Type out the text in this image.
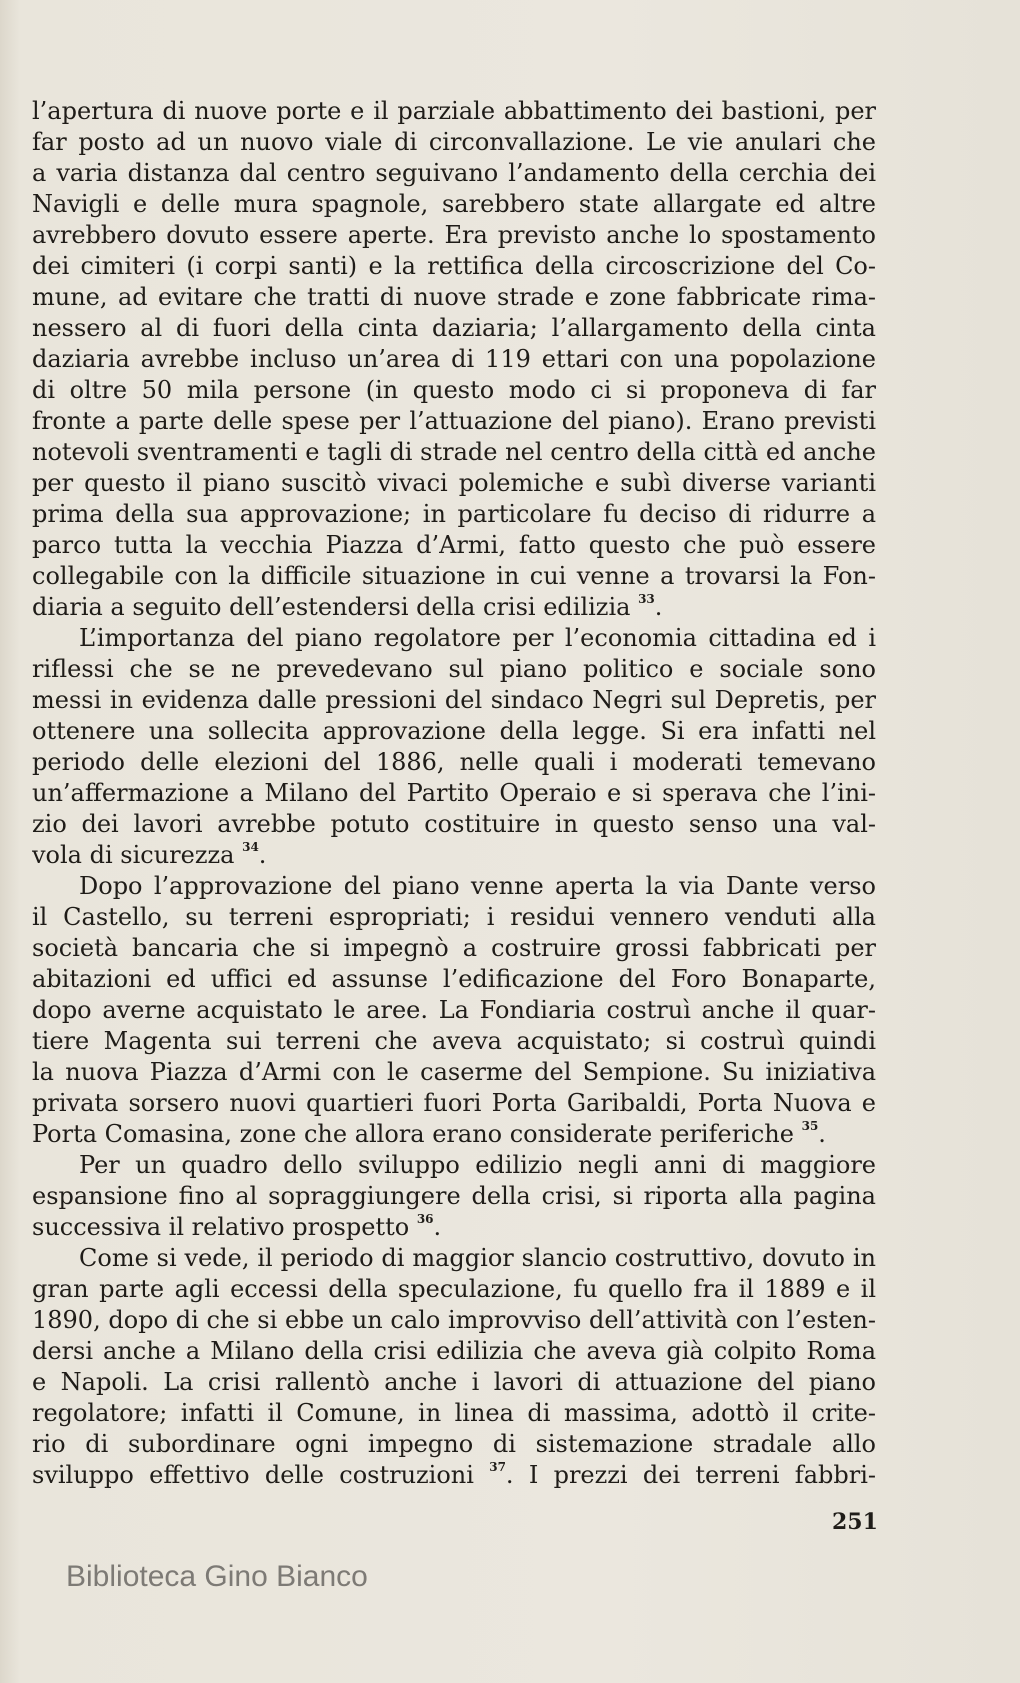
l’apertura di nuove porte e il parziale abbattimento dei bastioni, per
far posto ad un nuovo viale di circonvallazione. Le vie anulari che
a varia distanza dal centro seguivano l’andamento della cerchia dei
Navigli e delle mura spagnole, sarebbero state allargate ed altre
avrebbero dovuto essere aperte. Era previsto anche lo spostamento
dei cimiteri (i corpi santi) e la rettifica della circoscrizione del Co-
mune, ad evitare che tratti di nuove strade e zone fabbricate rima-
nessero al di fuori della cinta daziaria; l’allargamento della cinta
daziaria avrebbe incluso un’area di 119 ettari con una popolazione
di oltre 50 mila persone (in questo modo ci si proponeva di far
fronte a parte delle spese per l’attuazione del piano). Erano previsti
notevoli sventramenti e tagli di strade nel centro della città ed anche
per questo il piano suscitò vivaci polemiche e subì diverse varianti
prima della sua approvazione; in particolare fu deciso di ridurre a
parco tutta la vecchia Piazza d’Armi, fatto questo che può essere
collegabile con la difficile situazione in cui venne a trovarsi la Fon-
diaria a seguito dell’estendersi della crisi edilizia $^{33}$.
L’importanza del piano regolatore per l’economia cittadina ed i
riflessi che se ne prevedevano sul piano politico e sociale sono
messi in evidenza dalle pressioni del sindaco Negri sul Depretis, per
ottenere una sollecita approvazione della legge. Si era infatti nel
periodo delle elezioni del 1886, nelle quali i moderati temevano
un’affermazione a Milano del Partito Operaio e si sperava che l’ini-
zio dei lavori avrebbe potuto costituire in questo senso una val-
vola di sicurezza $^{34}$.
Dopo l’approvazione del piano venne aperta la via Dante verso
il Castello, su terreni espropriati; i residui vennero venduti alla
società bancaria che si impegnò a costruire grossi fabbricati per
abitazioni ed uffici ed assunse l’edificazione del Foro Bonaparte,
dopo averne acquistato le aree. La Fondiaria costruì anche il quar-
tiere Magenta sui terreni che aveva acquistato; si costruì quindi
la nuova Piazza d’Armi con le caserme del Sempione. Su iniziativa
privata sorsero nuovi quartieri fuori Porta Garibaldi, Porta Nuova e
Porta Comasina, zone che allora erano considerate periferiche $^{35}$.
Per un quadro dello sviluppo edilizio negli anni di maggiore
espansione fino al sopraggiungere della crisi, si riporta alla pagina
successiva il relativo prospetto $^{36}$.
Come si vede, il periodo di maggior slancio costruttivo, dovuto in
gran parte agli eccessi della speculazione, fu quello fra il 1889 e il
1890, dopo di che si ebbe un calo improvviso dell’attività con l’esten-
dersi anche a Milano della crisi edilizia che aveva già colpito Roma
e Napoli. La crisi rallentò anche i lavori di attuazione del piano
regolatore; infatti il Comune, in linea di massima, adottò il crite-
rio di subordinare ogni impegno di sistemazione stradale allo
sviluppo effettivo delle costruzioni $^{37}$. I prezzi dei terreni fabbri-
251
Biblioteca Gino Bianco
